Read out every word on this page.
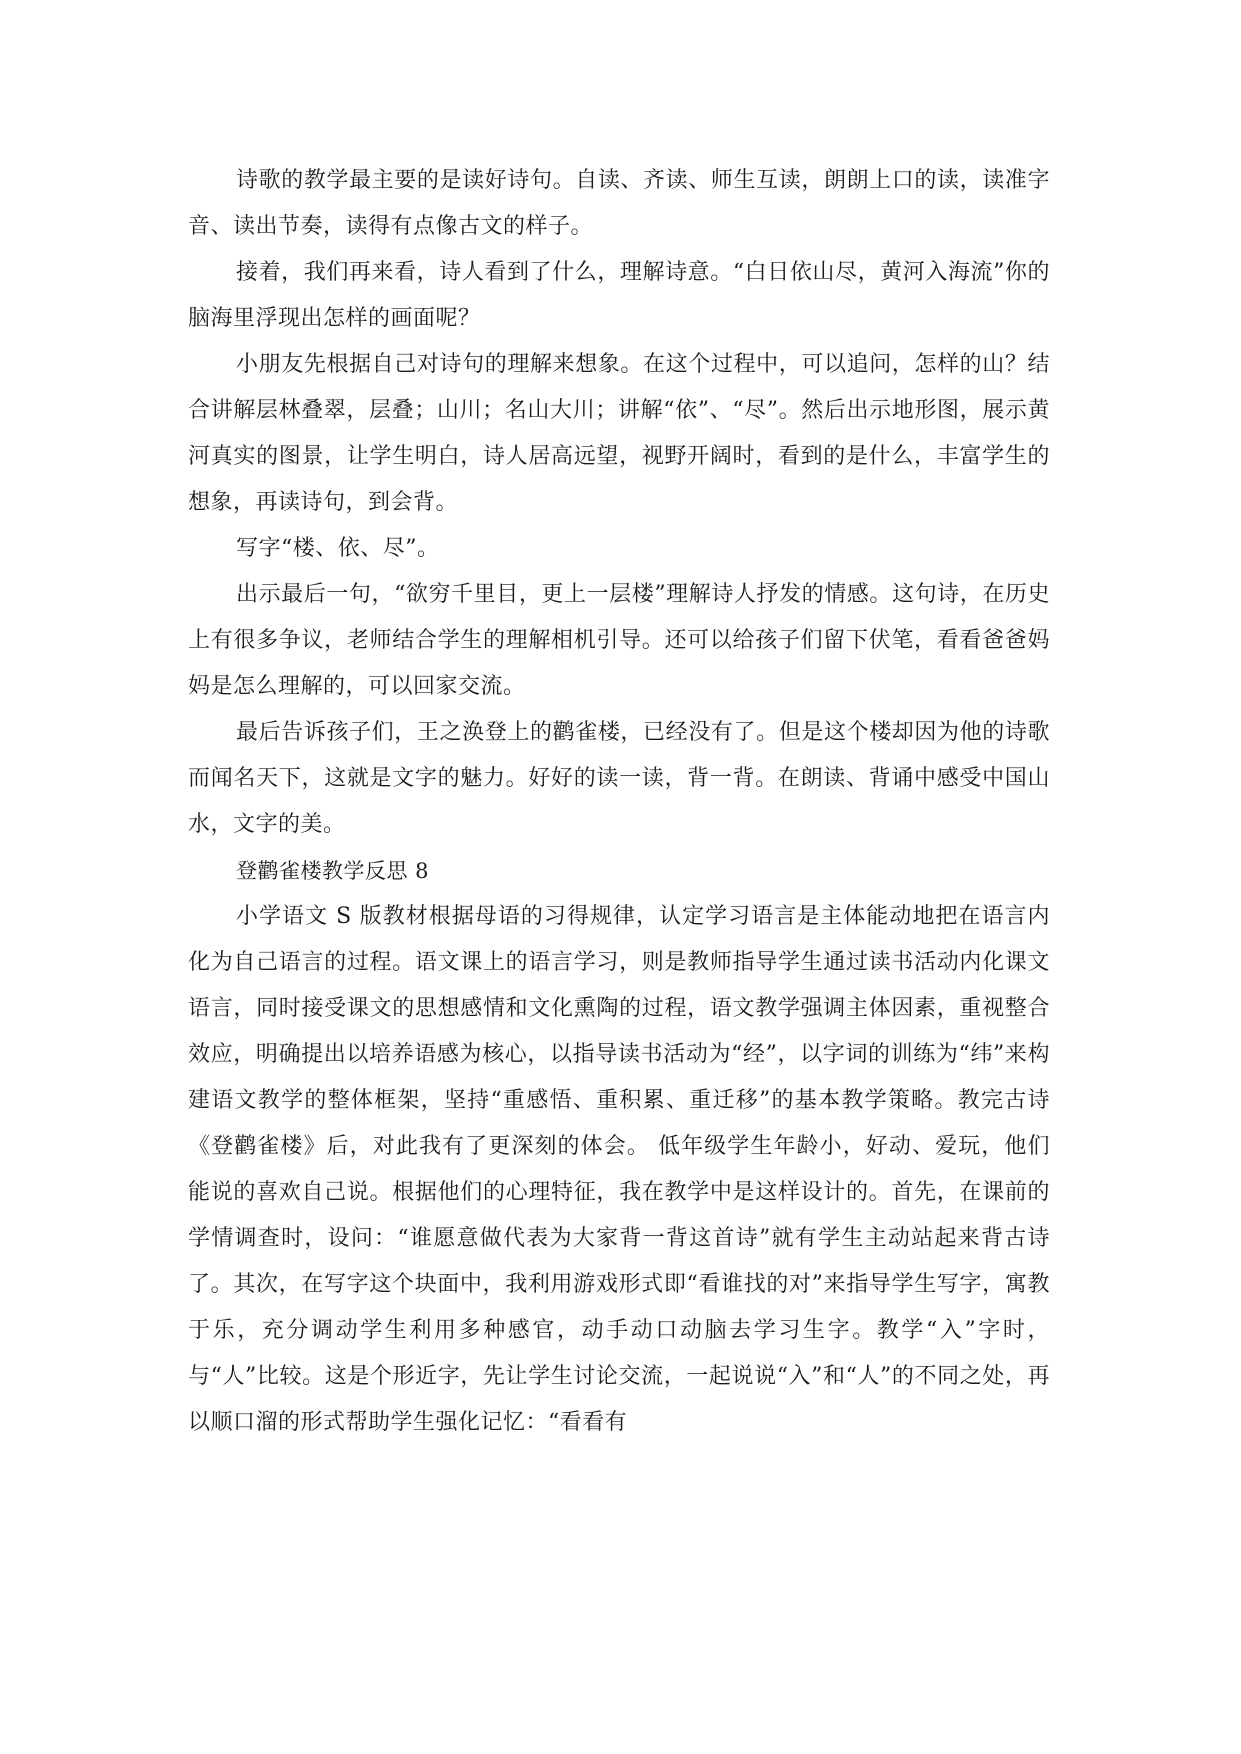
诗歌的教学最主要的是读好诗句。自读、齐读、师生互读，朗朗上口的读，读准字音、读出节奏，读得有点像古文的样子。

接着，我们再来看，诗人看到了什么，理解诗意。“白日依山尽，黄河入海流”你的脑海里浮现出怎样的画面呢？

小朋友先根据自己对诗句的理解来想象。在这个过程中，可以追问，怎样的山？结合讲解层林叠翠，层叠；山川；名山大川；讲解“依”、“尽”。然后出示地形图，展示黄河真实的图景，让学生明白，诗人居高远望，视野开阔时，看到的是什么，丰富学生的想象，再读诗句，到会背。

写字“楼、依、尽”。

出示最后一句，“欲穷千里目，更上一层楼”理解诗人抒发的情感。这句诗，在历史上有很多争议，老师结合学生的理解相机引导。还可以给孩子们留下伏笔，看看爸爸妈妈是怎么理解的，可以回家交流。

最后告诉孩子们，王之涣登上的鹳雀楼，已经没有了。但是这个楼却因为他的诗歌而闻名天下，这就是文字的魅力。好好的读一读，背一背。在朗读、背诵中感受中国山水，文字的美。

登鹳雀楼教学反思 8

小学语文 S 版教材根据母语的习得规律，认定学习语言是主体能动地把在语言内化为自己语言的过程。语文课上的语言学习，则是教师指导学生通过读书活动内化课文语言，同时接受课文的思想感情和文化熏陶的过程，语文教学强调主体因素，重视整合效应，明确提出以培养语感为核心，以指导读书活动为“经”，以字词的训练为“纬”来构建语文教学的整体框架，坚持“重感悟、重积累、重迁移”的基本教学策略。教完古诗《登鹳雀楼》后，对此我有了更深刻的体会。 低年级学生年龄小，好动、爱玩，他们能说的喜欢自己说。根据他们的心理特征，我在教学中是这样设计的。首先，在课前的学情调查时，设问：“谁愿意做代表为大家背一背这首诗”就有学生主动站起来背古诗了。其次，在写字这个块面中，我利用游戏形式即“看谁找的对”来指导学生写字，寓教于乐，充分调动学生利用多种感官，动手动口动脑去学习生字。教学“入”字时，与“人”比较。这是个形近字，先让学生讨论交流，一起说说“入”和“人”的不同之处，再以顺口溜的形式帮助学生强化记忆：“看看有
